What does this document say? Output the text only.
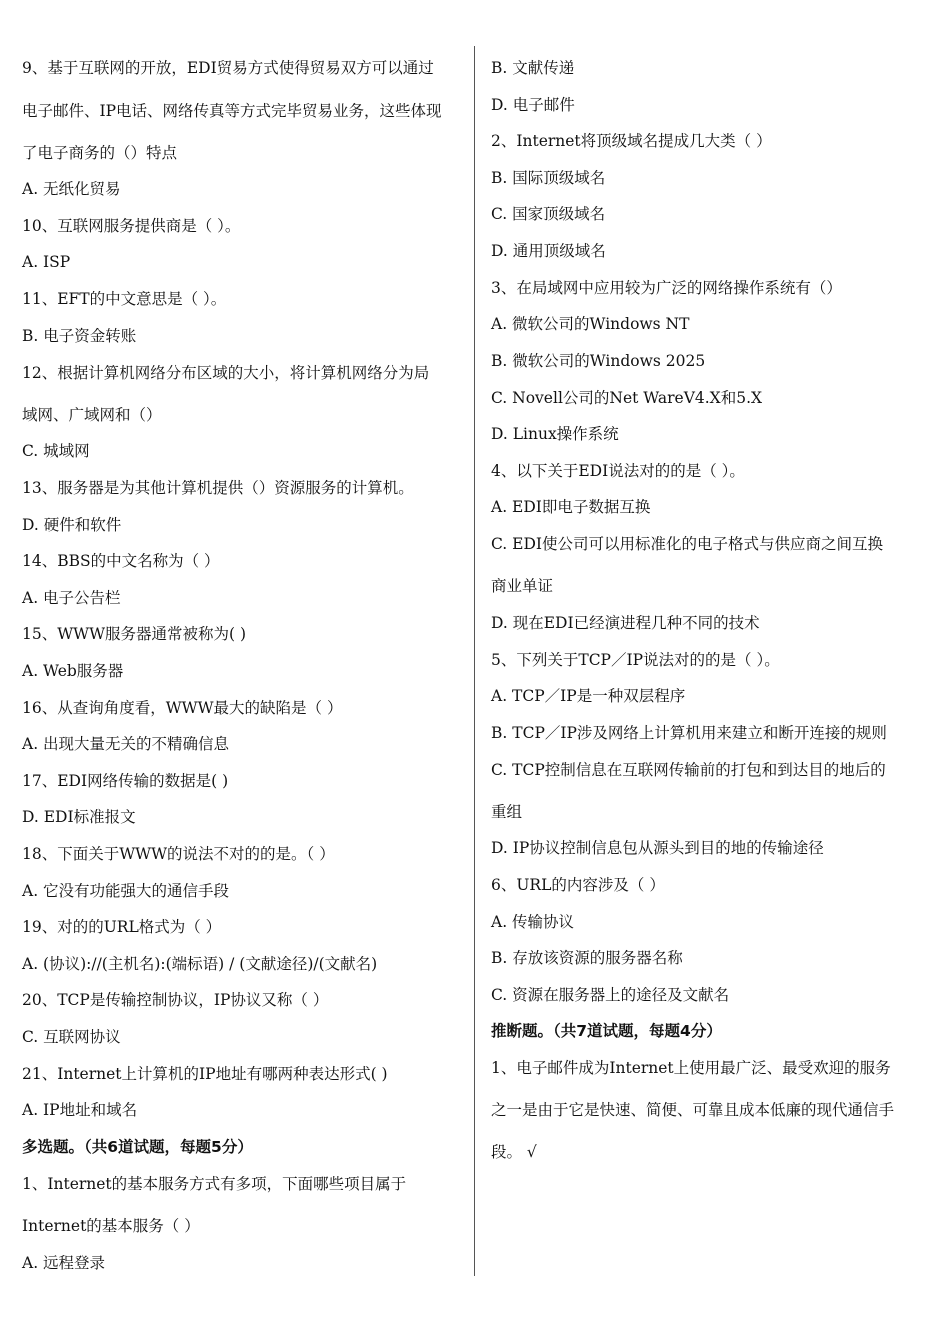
9、基于互联网的开放，EDI贸易方式使得贸易双方可以通过
电子邮件、IP电话、网络传真等方式完毕贸易业务，这些体现
了电子商务的（）特点
A. 无纸化贸易
10、互联网服务提供商是（ ）。
A. ISP
11、EFT的中文意思是（ ）。
B. 电子资金转账
12、根据计算机网络分布区域的大小，将计算机网络分为局
域网、广域网和（）
C. 城域网
13、服务器是为其他计算机提供（）资源服务的计算机。
D. 硬件和软件
14、BBS的中文名称为（ ）
A. 电子公告栏
15、WWW服务器通常被称为( )
A. Web服务器
16、从查询角度看，WWW最大的缺陷是（ ）
A. 出现大量无关的不精确信息
17、EDI网络传输的数据是( )
D. EDI标准报文
18、下面关于WWW的说法不对的的是。（ ）
A. 它没有功能强大的通信手段
19、对的的URL格式为（ ）
A. (协议)://(主机名):(端标语) / (文献途径)/(文献名)
20、TCP是传输控制协议，IP协议又称（ ）
C. 互联网协议
21、Internet上计算机的IP地址有哪两种表达形式( )
A. IP地址和域名
多选题。（共6道试题，每题5分）
1、Internet的基本服务方式有多项，下面哪些项目属于
Internet的基本服务（ ）
A. 远程登录
B. 文献传递
D. 电子邮件
2、Internet将顶级域名提成几大类（ ）
B. 国际顶级域名
C. 国家顶级域名
D. 通用顶级域名
3、在局域网中应用较为广泛的网络操作系统有（）
A. 微软公司的Windows NT
B. 微软公司的Windows 2025
C. Novell公司的Net WareV4.X和5.X
D. Linux操作系统
4、以下关于EDI说法对的的是（ ）。
A. EDI即电子数据互换
C. EDI使公司可以用标准化的电子格式与供应商之间互换
商业单证
D. 现在EDI已经演进程几种不同的技术
5、下列关于TCP／IP说法对的的是（ ）。
A. TCP／IP是一种双层程序
B. TCP／IP涉及网络上计算机用来建立和断开连接的规则
C. TCP控制信息在互联网传输前的打包和到达目的地后的
重组
D. IP协议控制信息包从源头到目的地的传输途径
6、URL的内容涉及（ ）
A. 传输协议
B. 存放该资源的服务器名称
C. 资源在服务器上的途径及文献名
推断题。（共7道试题，每题4分）
1、电子邮件成为Internet上使用最广泛、最受欢迎的服务
之一是由于它是快速、简便、可靠且成本低廉的现代通信手
段。 √
